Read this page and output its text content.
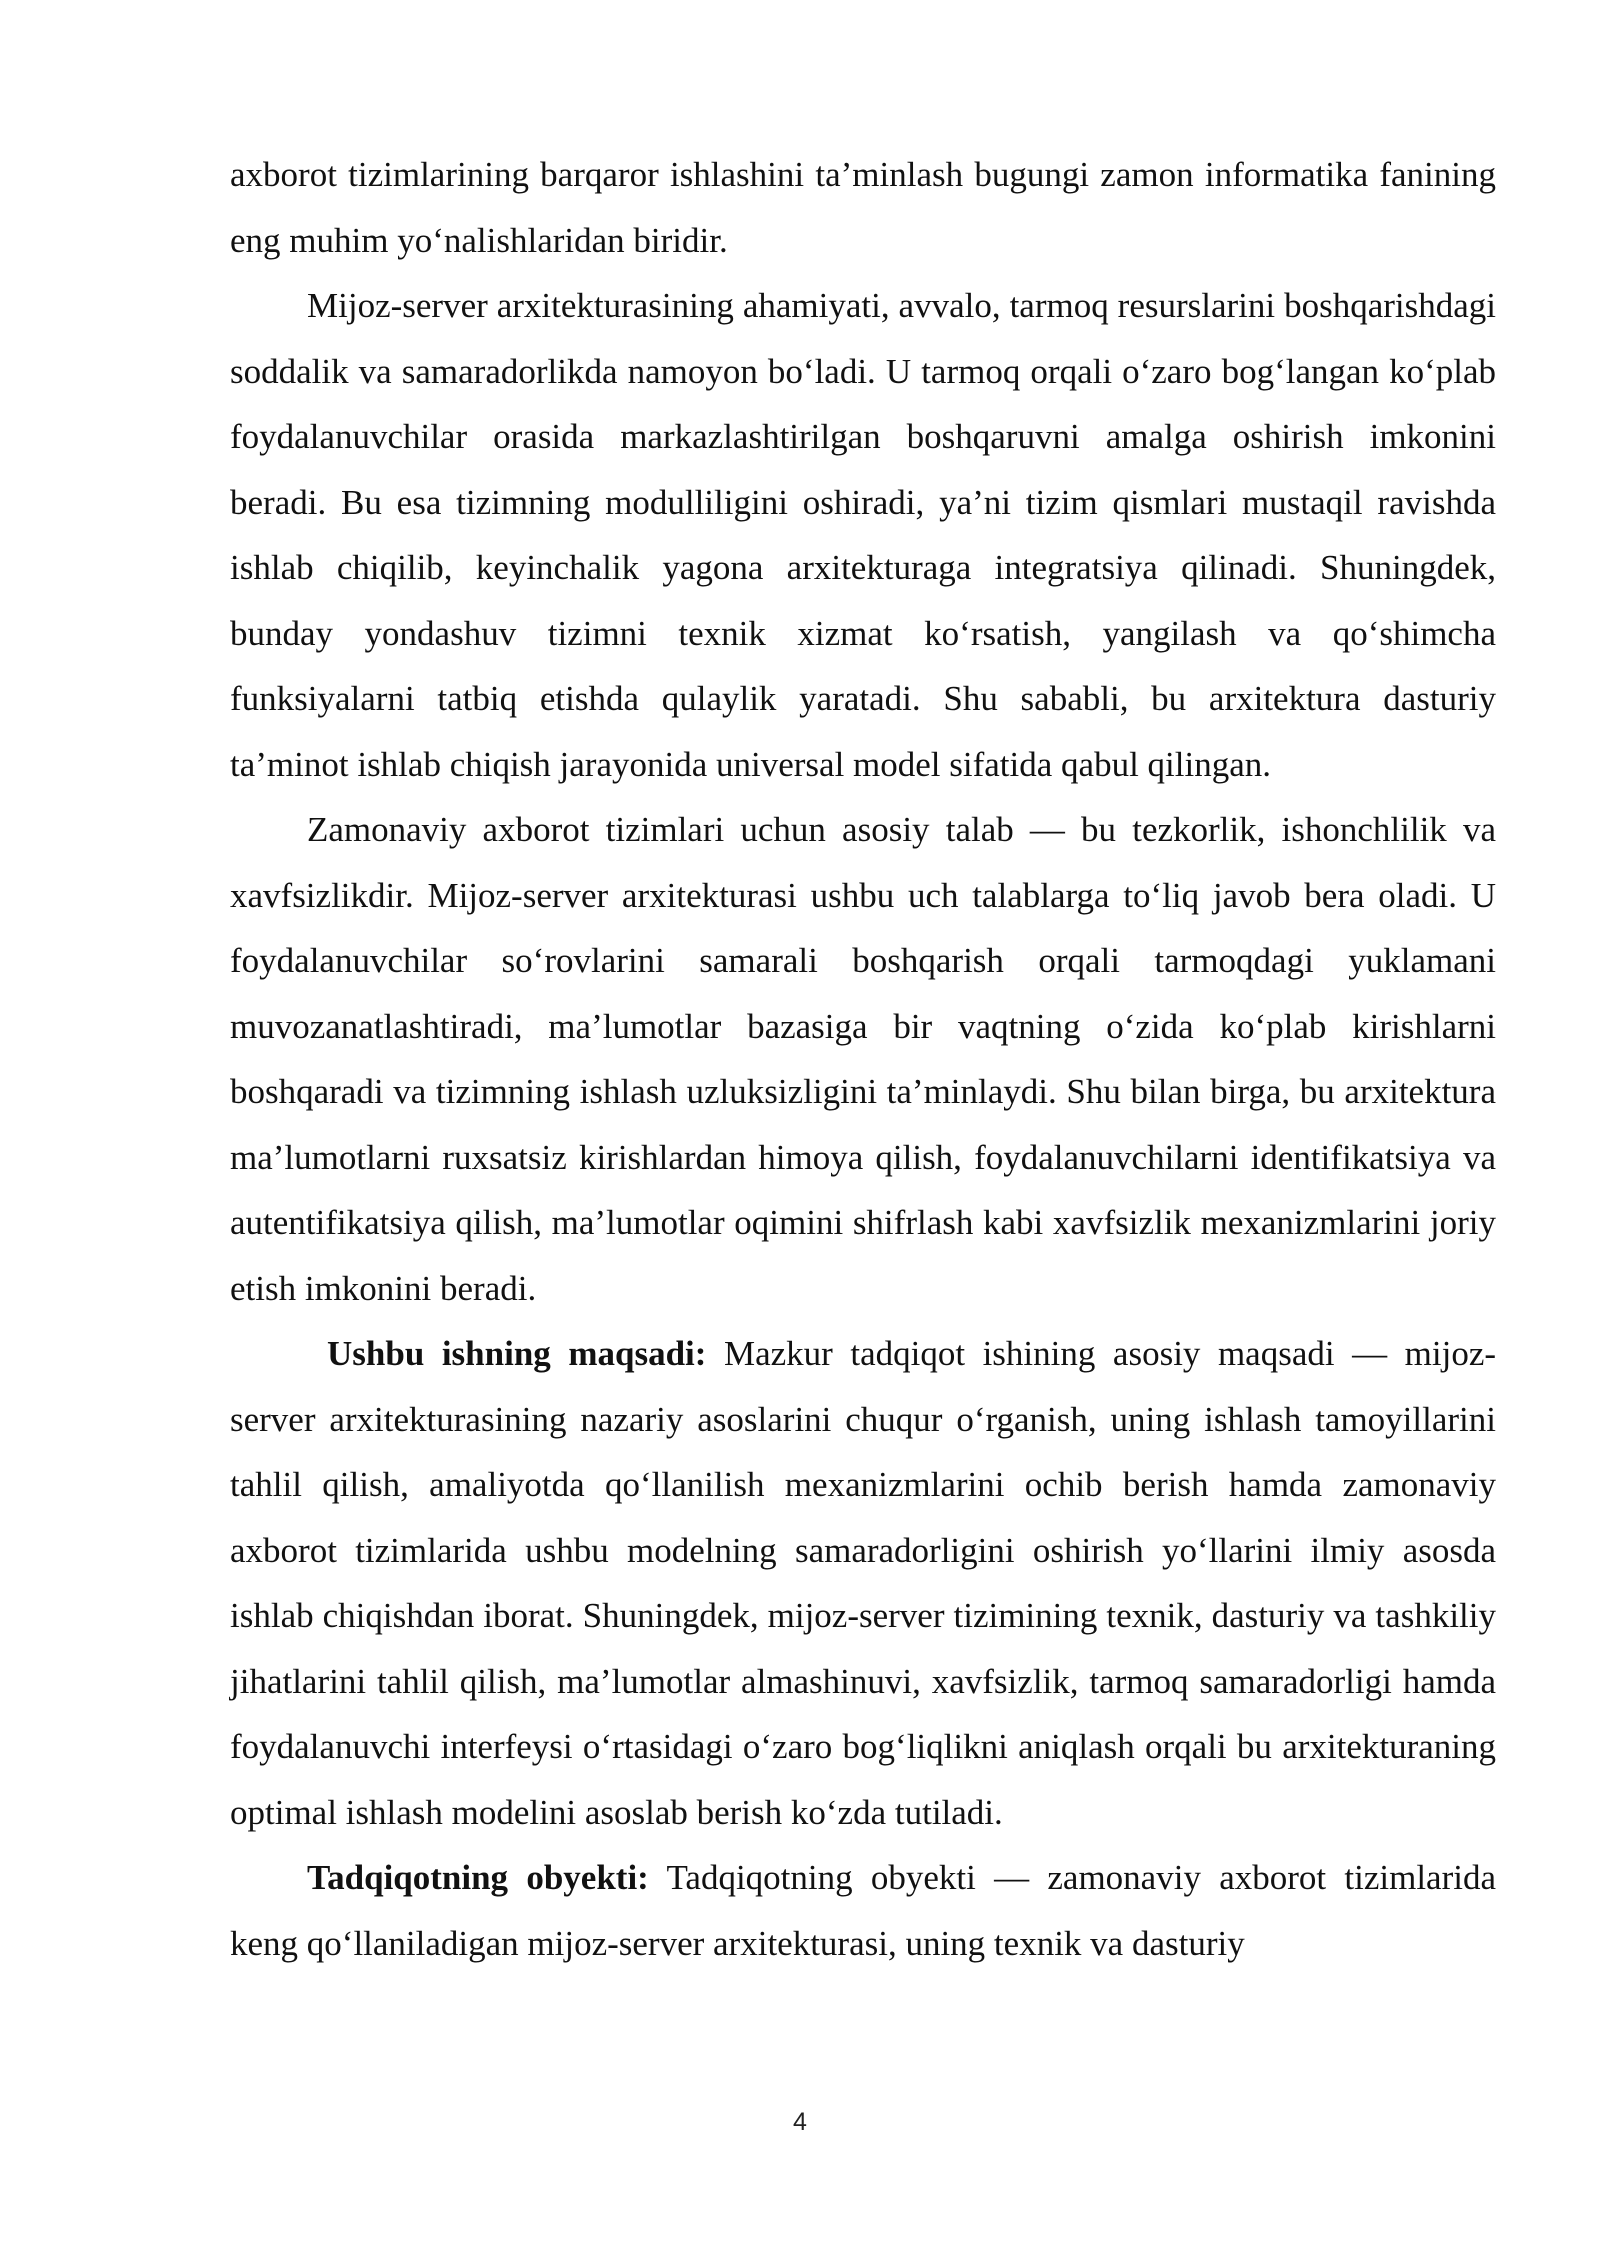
axborot tizimlarining barqaror ishlashini ta’minlash bugungi zamon informatika fanining eng muhim yo‘nalishlaridan biridir.

Mijoz-server arxitekturasining ahamiyati, avvalo, tarmoq resurslarini boshqarishdagi soddalik va samaradorlikda namoyon bo‘ladi. U tarmoq orqali o‘zaro bog‘langan ko‘plab foydalanuvchilar orasida markazlashtirilgan boshqaruvni amalga oshirish imkonini beradi. Bu esa tizimning modulliligini oshiradi, ya’ni tizim qismlari mustaqil ravishda ishlab chiqilib, keyinchalik yagona arxitekturaga integratsiya qilinadi. Shuningdek, bunday yondashuv tizimni texnik xizmat ko‘rsatish, yangilash va qo‘shimcha funksiyalarni tatbiq etishda qulaylik yaratadi. Shu sababli, bu arxitektura dasturiy ta’minot ishlab chiqish jarayonida universal model sifatida qabul qilingan.

Zamonaviy axborot tizimlari uchun asosiy talab — bu tezkorlik, ishonchlilik va xavfsizlikdir. Mijoz-server arxitekturasi ushbu uch talablarga to‘liq javob bera oladi. U foydalanuvchilar so‘rovlarini samarali boshqarish orqali tarmoqdagi yuklamani muvozanatlashtiradi, ma’lumotlar bazasiga bir vaqtning o‘zida ko‘plab kirishlarni boshqaradi va tizimning ishlash uzluksizligini ta’minlaydi. Shu bilan birga, bu arxitektura ma’lumotlarni ruxsatsiz kirishlardan himoya qilish, foydalanuvchilarni identifikatsiya va autentifikatsiya qilish, ma’lumotlar oqimini shifrlash kabi xavfsizlik mexanizmlarini joriy etish imkonini beradi.

Ushbu ishning maqsadi: Mazkur tadqiqot ishining asosiy maqsadi — mijoz-server arxitekturasining nazariy asoslarini chuqur o‘rganish, uning ishlash tamoyillarini tahlil qilish, amaliyotda qo‘llanilish mexanizmlarini ochib berish hamda zamonaviy axborot tizimlarida ushbu modelning samaradorligini oshirish yo‘llarini ilmiy asosda ishlab chiqishdan iborat. Shuningdek, mijoz-server tizimining texnik, dasturiy va tashkiliy jihatlarini tahlil qilish, ma’lumotlar almashinuvi, xavfsizlik, tarmoq samaradorligi hamda foydalanuvchi interfeysi o‘rtasidagi o‘zaro bog‘liqlikni aniqlash orqali bu arxitekturaning optimal ishlash modelini asoslab berish ko‘zda tutiladi.

Tadqiqotning obyekti: Tadqiqotning obyekti — zamonaviy axborot tizimlarida keng qo‘llaniladigan mijoz-server arxitekturasi, uning texnik va dasturiy

4
